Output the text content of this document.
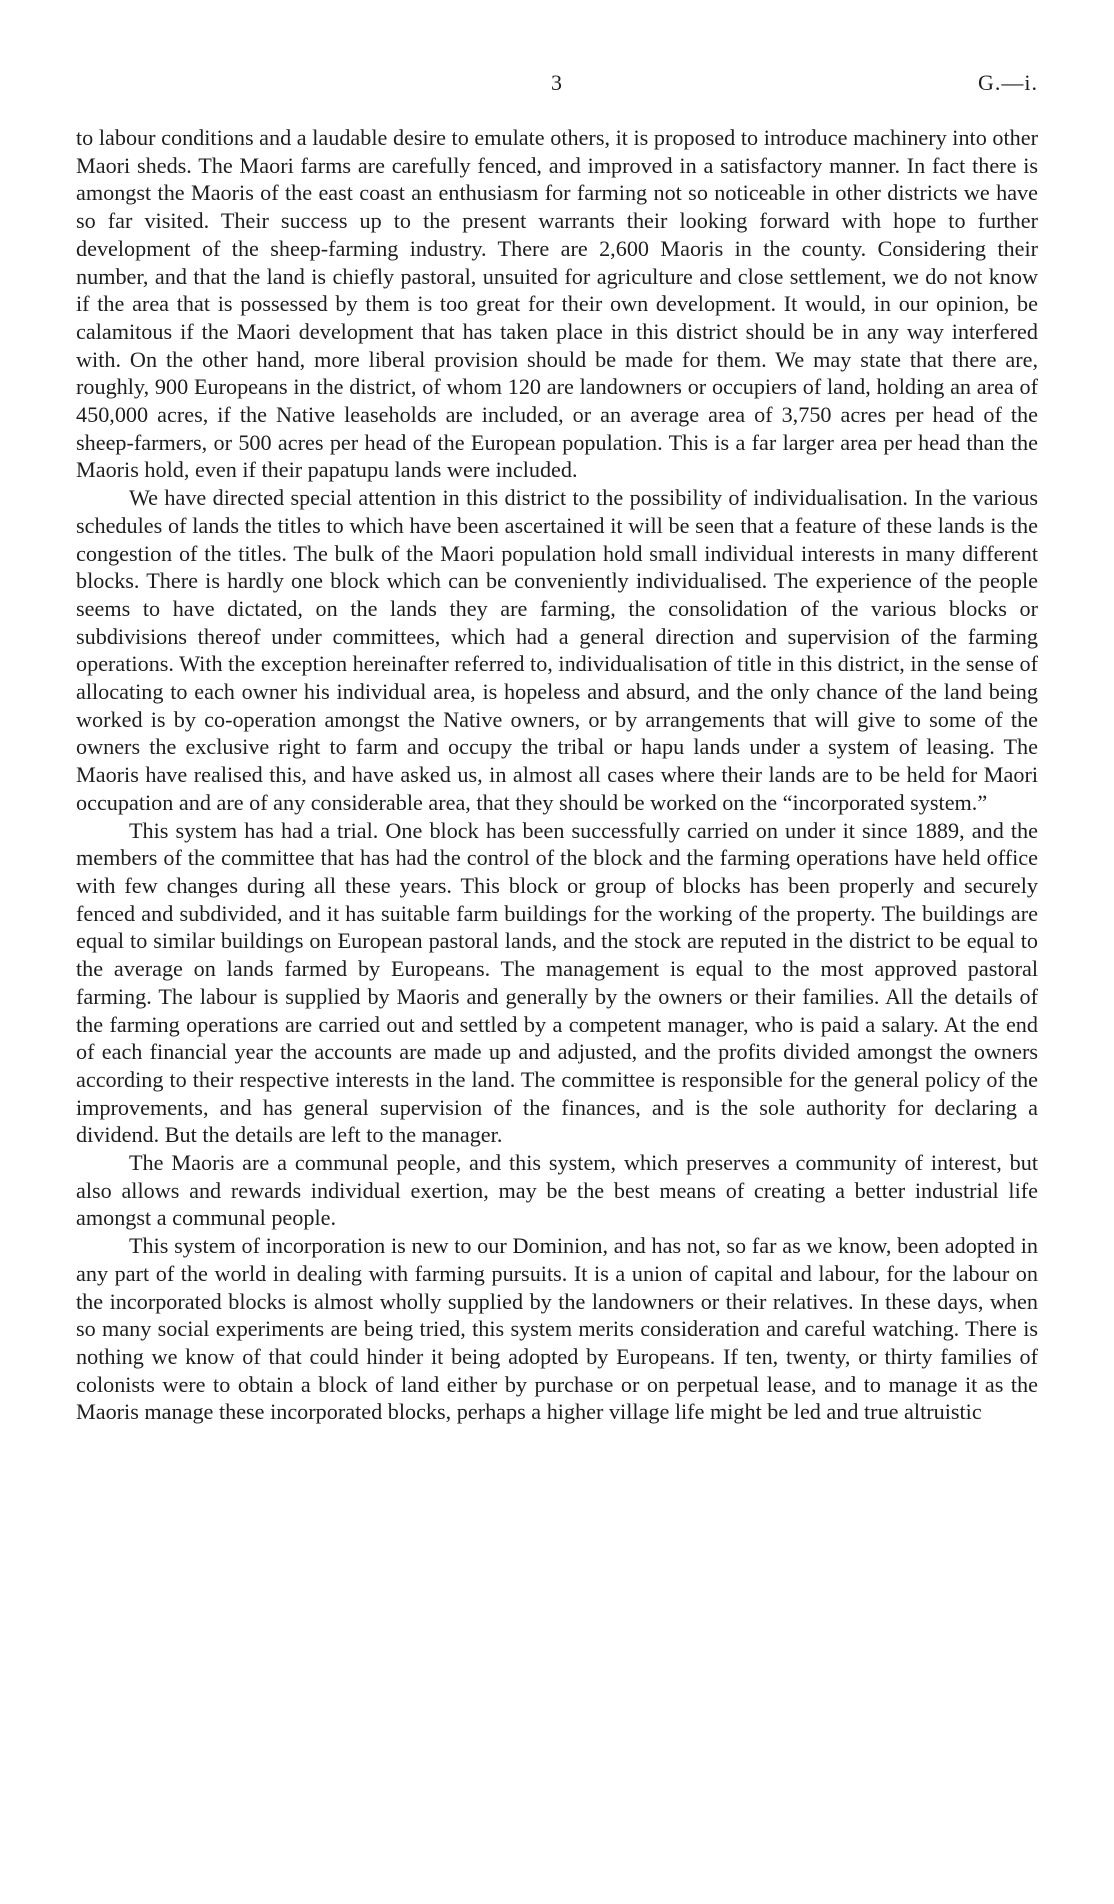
3	G.—i.

to labour conditions and a laudable desire to emulate others, it is proposed to introduce machinery into other Maori sheds. The Maori farms are carefully fenced, and improved in a satisfactory manner. In fact there is amongst the Maoris of the east coast an enthusiasm for farming not so noticeable in other districts we have so far visited. Their success up to the present warrants their looking forward with hope to further development of the sheep-farming industry. There are 2,600 Maoris in the county. Considering their number, and that the land is chiefly pastoral, unsuited for agriculture and close settlement, we do not know if the area that is possessed by them is too great for their own development. It would, in our opinion, be calamitous if the Maori development that has taken place in this district should be in any way interfered with. On the other hand, more liberal provision should be made for them. We may state that there are, roughly, 900 Europeans in the district, of whom 120 are landowners or occupiers of land, holding an area of 450,000 acres, if the Native leaseholds are included, or an average area of 3,750 acres per head of the sheep-farmers, or 500 acres per head of the European population. This is a far larger area per head than the Maoris hold, even if their papatupu lands were included.

We have directed special attention in this district to the possibility of individualisation. In the various schedules of lands the titles to which have been ascertained it will be seen that a feature of these lands is the congestion of the titles. The bulk of the Maori population hold small individual interests in many different blocks. There is hardly one block which can be conveniently individualised. The experience of the people seems to have dictated, on the lands they are farming, the consolidation of the various blocks or subdivisions thereof under committees, which had a general direction and supervision of the farming operations. With the exception hereinafter referred to, individualisation of title in this district, in the sense of allocating to each owner his individual area, is hopeless and absurd, and the only chance of the land being worked is by co-operation amongst the Native owners, or by arrangements that will give to some of the owners the exclusive right to farm and occupy the tribal or hapu lands under a system of leasing. The Maoris have realised this, and have asked us, in almost all cases where their lands are to be held for Maori occupation and are of any considerable area, that they should be worked on the “incorporated system.”

This system has had a trial. One block has been successfully carried on under it since 1889, and the members of the committee that has had the control of the block and the farming operations have held office with few changes during all these years. This block or group of blocks has been properly and securely fenced and subdivided, and it has suitable farm buildings for the working of the property. The buildings are equal to similar buildings on European pastoral lands, and the stock are reputed in the district to be equal to the average on lands farmed by Europeans. The management is equal to the most approved pastoral farming. The labour is supplied by Maoris and generally by the owners or their families. All the details of the farming operations are carried out and settled by a competent manager, who is paid a salary. At the end of each financial year the accounts are made up and adjusted, and the profits divided amongst the owners according to their respective interests in the land. The committee is responsible for the general policy of the improvements, and has general supervision of the finances, and is the sole authority for declaring a dividend. But the details are left to the manager.

The Maoris are a communal people, and this system, which preserves a community of interest, but also allows and rewards individual exertion, may be the best means of creating a better industrial life amongst a communal people.

This system of incorporation is new to our Dominion, and has not, so far as we know, been adopted in any part of the world in dealing with farming pursuits. It is a union of capital and labour, for the labour on the incorporated blocks is almost wholly supplied by the landowners or their relatives. In these days, when so many social experiments are being tried, this system merits consideration and careful watching. There is nothing we know of that could hinder it being adopted by Europeans. If ten, twenty, or thirty families of colonists were to obtain a block of land either by purchase or on perpetual lease, and to manage it as the Maoris manage these incorporated blocks, perhaps a higher village life might be led and true altruistic
